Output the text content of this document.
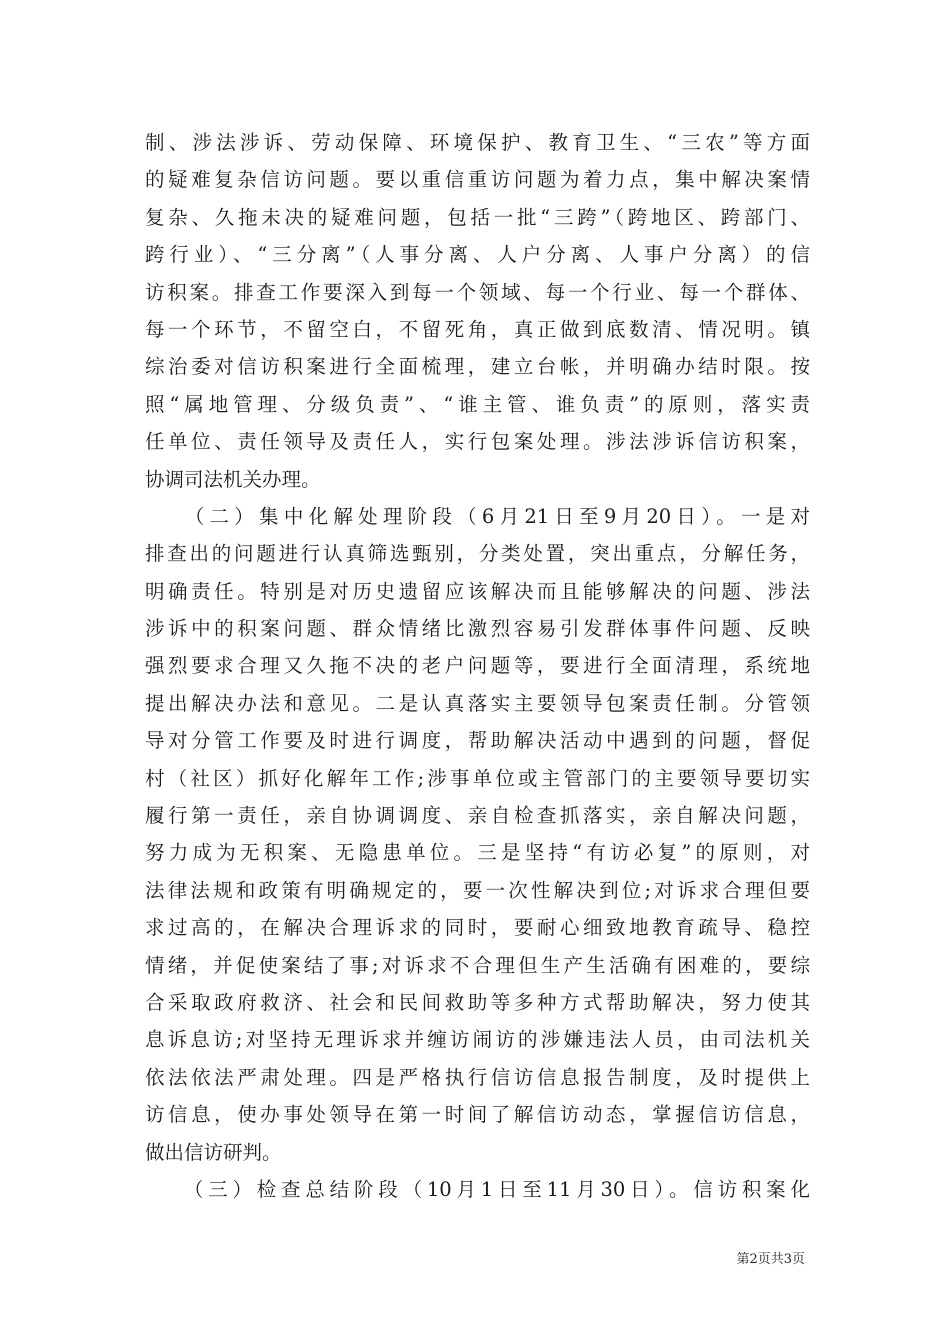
制、涉法涉诉、劳动保障、环境保护、教育卫生、“三农”等方面
的疑难复杂信访问题。要以重信重访问题为着力点，集中解决案情
复杂、久拖未决的疑难问题，包括一批“三跨”（跨地区、跨部门、
跨行业）、“三分离”（人事分离、人户分离、人事户分离）的信
访积案。排查工作要深入到每一个领域、每一个行业、每一个群体、
每一个环节，不留空白，不留死角，真正做到底数清、情况明。镇
综治委对信访积案进行全面梳理，建立台帐，并明确办结时限。按
照“属地管理、分级负责”、“谁主管、谁负责”的原则，落实责
任单位、责任领导及责任人，实行包案处理。涉法涉诉信访积案，
协调司法机关办理。
　　（二）集中化解处理阶段（6月21日至9月20日）。一是对
排查出的问题进行认真筛选甄别，分类处置，突出重点，分解任务，
明确责任。特别是对历史遗留应该解决而且能够解决的问题、涉法
涉诉中的积案问题、群众情绪比激烈容易引发群体事件问题、反映
强烈要求合理又久拖不决的老户问题等，要进行全面清理，系统地
提出解决办法和意见。二是认真落实主要领导包案责任制。分管领
导对分管工作要及时进行调度，帮助解决活动中遇到的问题，督促
村（社区）抓好化解年工作;涉事单位或主管部门的主要领导要切实
履行第一责任，亲自协调调度、亲自检查抓落实，亲自解决问题，
努力成为无积案、无隐患单位。三是坚持“有访必复”的原则，对
法律法规和政策有明确规定的，要一次性解决到位;对诉求合理但要
求过高的，在解决合理诉求的同时，要耐心细致地教育疏导、稳控
情绪，并促使案结了事;对诉求不合理但生产生活确有困难的，要综
合采取政府救济、社会和民间救助等多种方式帮助解决，努力使其
息诉息访;对坚持无理诉求并缠访闹访的涉嫌违法人员，由司法机关
依法依法严肃处理。四是严格执行信访信息报告制度，及时提供上
访信息，使办事处领导在第一时间了解信访动态，掌握信访信息，
做出信访研判。
　　（三）检查总结阶段（10月1日至11月30日）。信访积案化
第2页共3页
